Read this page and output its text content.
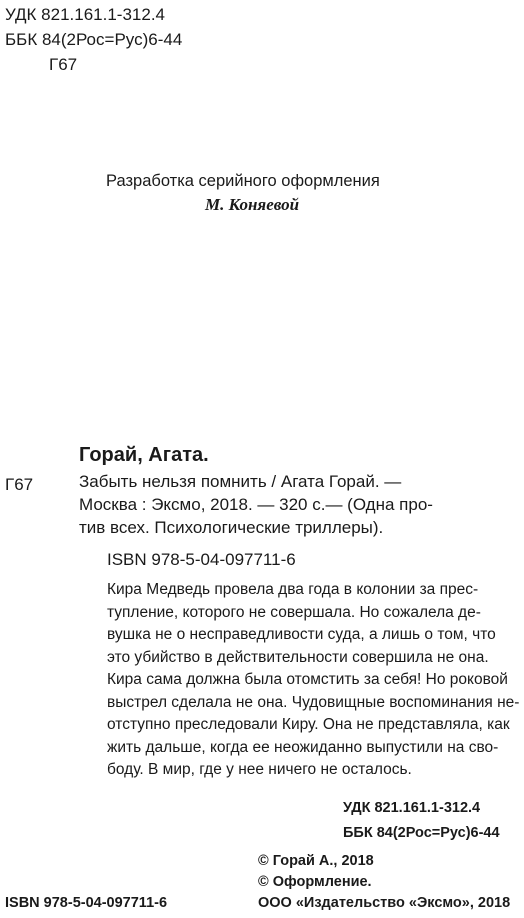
УДК 821.161.1-312.4
ББК 84(2Рос=Рус)6-44
Г67
Разработка серийного оформления
М. Коняевой
Горай, Агата.
Г67	Забыть нельзя помнить / Агата Горай. —
Москва : Эксмо, 2018. — 320 с.— (Одна про-
тив всех. Психологические триллеры).
ISBN 978-5-04-097711-6
Кира Медведь провела два года в колонии за прес-
тупление, которого не совершала. Но сожалела де-
вушка не о несправедливости суда, а лишь о том, что
это убийство в действительности совершила не она.
Кира сама должна была отомстить за себя! Но роковой
выстрел сделала не она. Чудовищные воспоминания не-
отступно преследовали Киру. Она не представляла, как
жить дальше, когда ее неожиданно выпустили на сво-
боду. В мир, где у нее ничего не осталось.
УДК 821.161.1-312.4
ББК 84(2Рос=Рус)6-44
© Горай А., 2018
© Оформление.
ООО «Издательство «Эксмо», 2018
ISBN 978-5-04-097711-6
